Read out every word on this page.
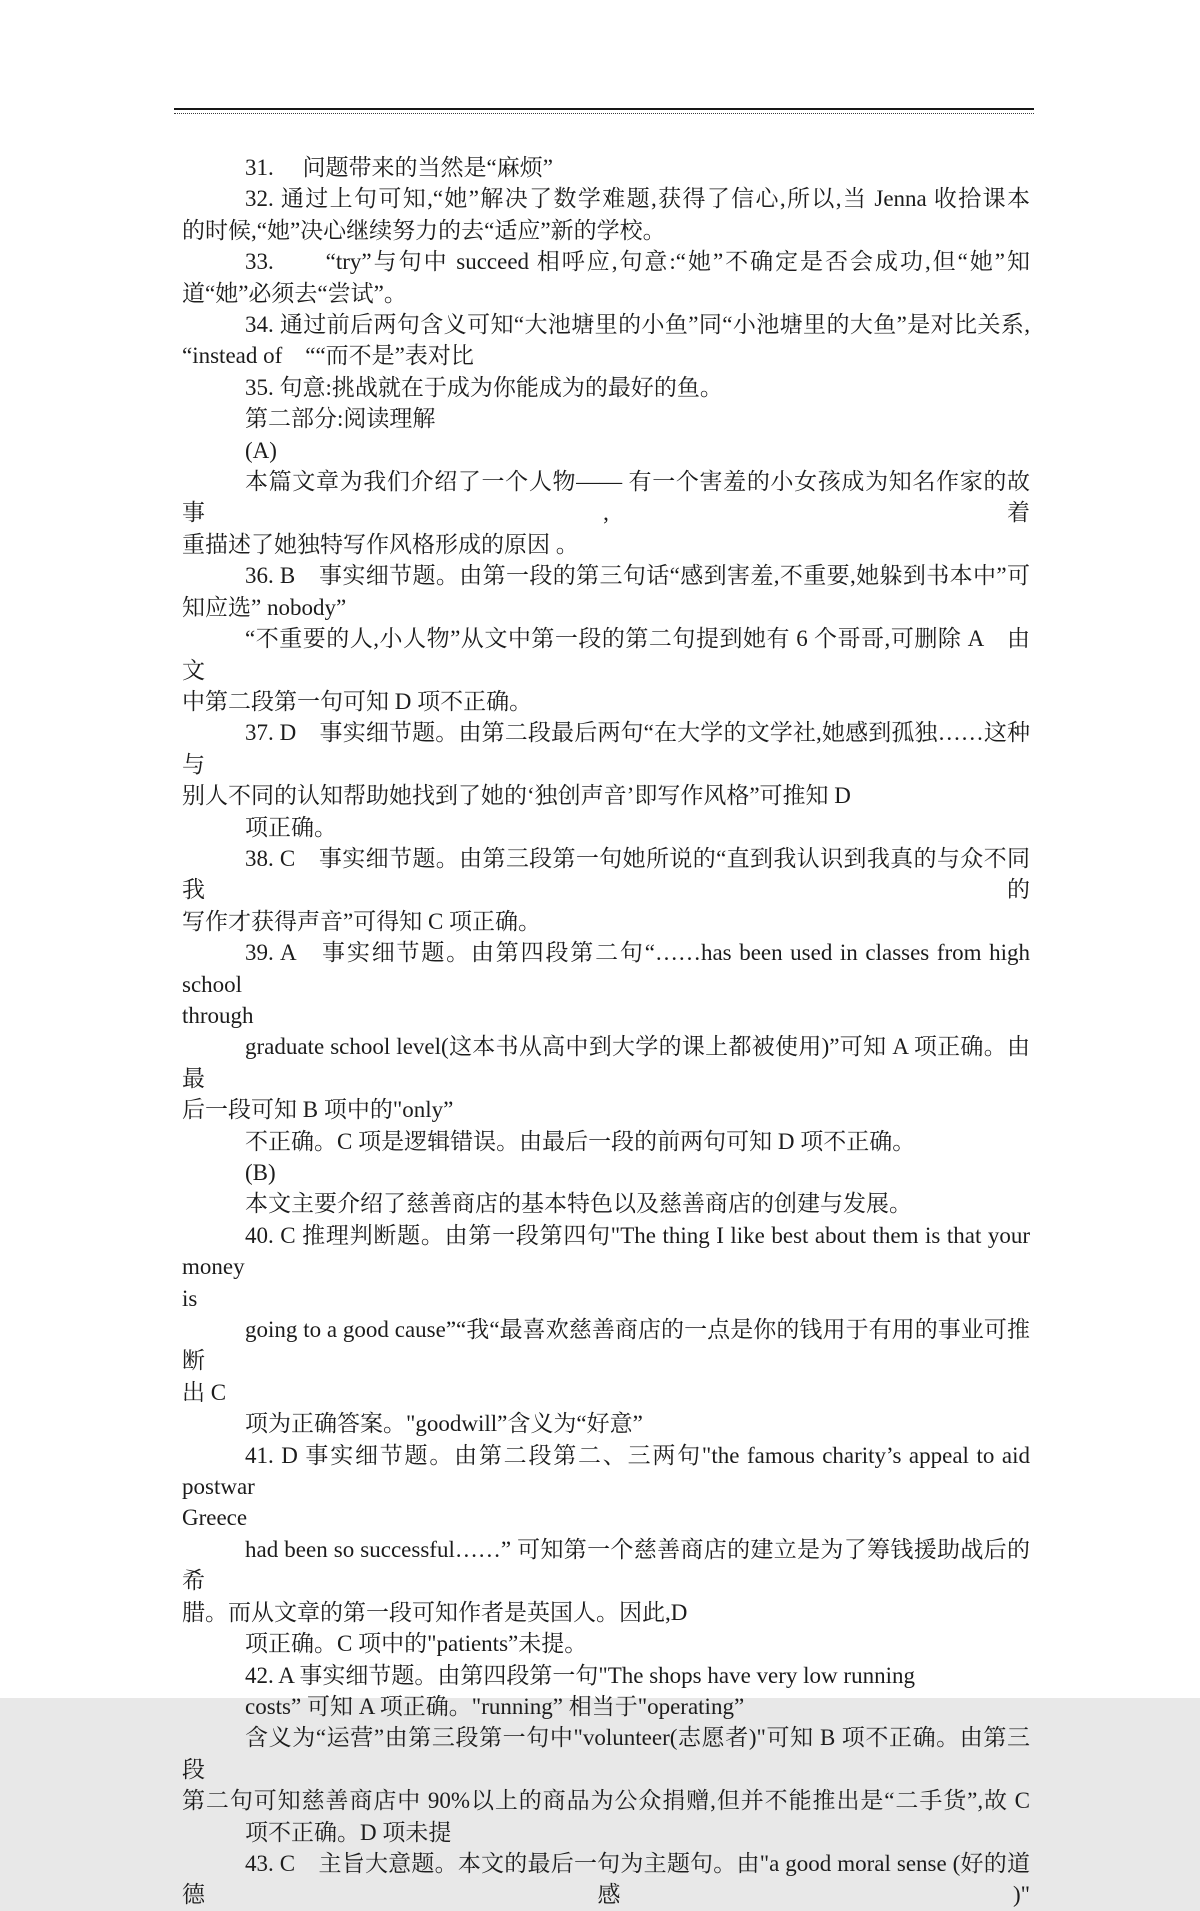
31.　 问题带来的当然是“麻烦”
32. 通过上句可知,“她”解决了数学难题,获得了信心,所以,当 Jenna 收拾课本
的时候,“她”决心继续努力的去“适应”新的学校。
33.　　“try”与句中 succeed 相呼应,句意:“她”不确定是否会成功,但“她”知
道“她”必须去“尝试”。
34. 通过前后两句含义可知“大池塘里的小鱼”同“小池塘里的大鱼”是对比关系,
“instead of　““而不是”表对比
35. 句意:挑战就在于成为你能成为的最好的鱼。
第二部分:阅读理解
(A)
本篇文章为我们介绍了一个人物—— 有一个害羞的小女孩成为知名作家的故事,着
重描述了她独特写作风格形成的原因 。
36. B　事实细节题。由第一段的第三句话“感到害羞,不重要,她躲到书本中”可
知应选” nobody”
“不重要的人,小人物”从文中第一段的第二句提到她有 6 个哥哥,可删除 A　由文
中第二段第一句可知 D 项不正确。
37. D　事实细节题。由第二段最后两句“在大学的文学社,她感到孤独……这种与
别人不同的认知帮助她找到了她的‘独创声音’即写作风格”可推知 D
项正确。
38. C　事实细节题。由第三段第一句她所说的“直到我认识到我真的与众不同我的
写作才获得声音”可得知 C 项正确。
39. A　事实细节题。由第四段第二句“……has been used in classes from high school
through
graduate school level(这本书从高中到大学的课上都被使用)”可知 A 项正确。由最
后一段可知 B 项中的"only”
不正确。C 项是逻辑错误。由最后一段的前两句可知 D 项不正确。
(B)
本文主要介绍了慈善商店的基本特色以及慈善商店的创建与发展。
40. C 推理判断题。由第一段第四句"The thing I like best about them is that your money
is
going to a good cause”“我“最喜欢慈善商店的一点是你的钱用于有用的事业可推断
出 C
项为正确答案。"goodwill”含义为“好意”
41. D 事实细节题。由第二段第二、三两句"the famous charity’s appeal to aid postwar
Greece
had been so successful……” 可知第一个慈善商店的建立是为了筹钱援助战后的希
腊。而从文章的第一段可知作者是英国人。因此,D
项正确。C 项中的"patients”未提。
42. A 事实细节题。由第四段第一句"The shops have very low running
costs” 可知 A 项正确。"running” 相当于"operating”
含义为“运营”由第三段第一句中"volunteer(志愿者)"可知 B 项不正确。由第三段
第二句可知慈善商店中 90%以上的商品为公众捐赠,但并不能推出是“二手货”,故 C
项不正确。D 项未提
43. C　主旨大意题。本文的最后一句为主题句。由"a good moral sense (好的道德感)"
